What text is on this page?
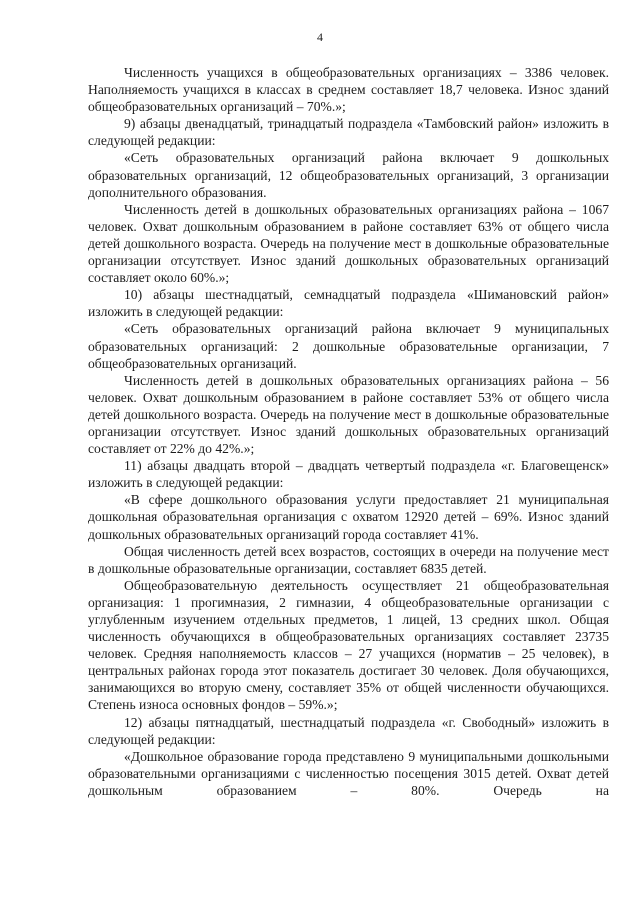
4

Численность учащихся в общеобразовательных организациях – 3386 человек. Наполняемость учащихся в классах в среднем составляет 18,7 человека. Износ зданий общеобразовательных организаций – 70%.»;

9) абзацы двенадцатый, тринадцатый подраздела «Тамбовский район» изложить в следующей редакции:

«Сеть образовательных организаций района включает 9 дошкольных образовательных организаций, 12 общеобразовательных организаций, 3 организации дополнительного образования.

Численность детей в дошкольных образовательных организациях района – 1067 человек. Охват дошкольным образованием в районе составляет 63% от общего числа детей дошкольного возраста. Очередь на получение мест в дошкольные образовательные организации отсутствует. Износ зданий дошкольных образовательных организаций составляет около 60%.»;

10) абзацы шестнадцатый, семнадцатый подраздела «Шимановский район» изложить в следующей редакции:

«Сеть образовательных организаций района включает 9 муниципальных образовательных организаций: 2 дошкольные образовательные организации, 7 общеобразовательных организаций.

Численность детей в дошкольных образовательных организациях района – 56 человек. Охват дошкольным образованием в районе составляет 53% от общего числа детей дошкольного возраста. Очередь на получение мест в дошкольные образовательные организации отсутствует. Износ зданий дошкольных образовательных организаций составляет от 22% до 42%.»;

11) абзацы двадцать второй – двадцать четвертый подраздела «г. Благовещенск» изложить в следующей редакции:

«В сфере дошкольного образования услуги предоставляет 21 муниципальная дошкольная образовательная организация с охватом 12920 детей – 69%. Износ зданий дошкольных образовательных организаций города составляет 41%.

Общая численность детей всех возрастов, состоящих в очереди на получение мест в дошкольные образовательные организации, составляет 6835 детей.

Общеобразовательную деятельность осуществляет 21 общеобразовательная организация: 1 прогимназия, 2 гимназии, 4 общеобразовательные организации с углубленным изучением отдельных предметов, 1 лицей, 13 средних школ. Общая численность обучающихся в общеобразовательных организациях составляет 23735 человек. Средняя наполняемость классов – 27 учащихся (норматив – 25 человек), в центральных районах города этот показатель достигает 30 человек. Доля обучающихся, занимающихся во вторую смену, составляет 35% от общей численности обучающихся. Степень износа основных фондов – 59%.»;

12) абзацы пятнадцатый, шестнадцатый подраздела «г. Свободный» изложить в следующей редакции:

«Дошкольное образование города представлено 9 муниципальными дошкольными образовательными организациями с численностью посещения 3015 детей. Охват детей дошкольным образованием – 80%. Очередь на
